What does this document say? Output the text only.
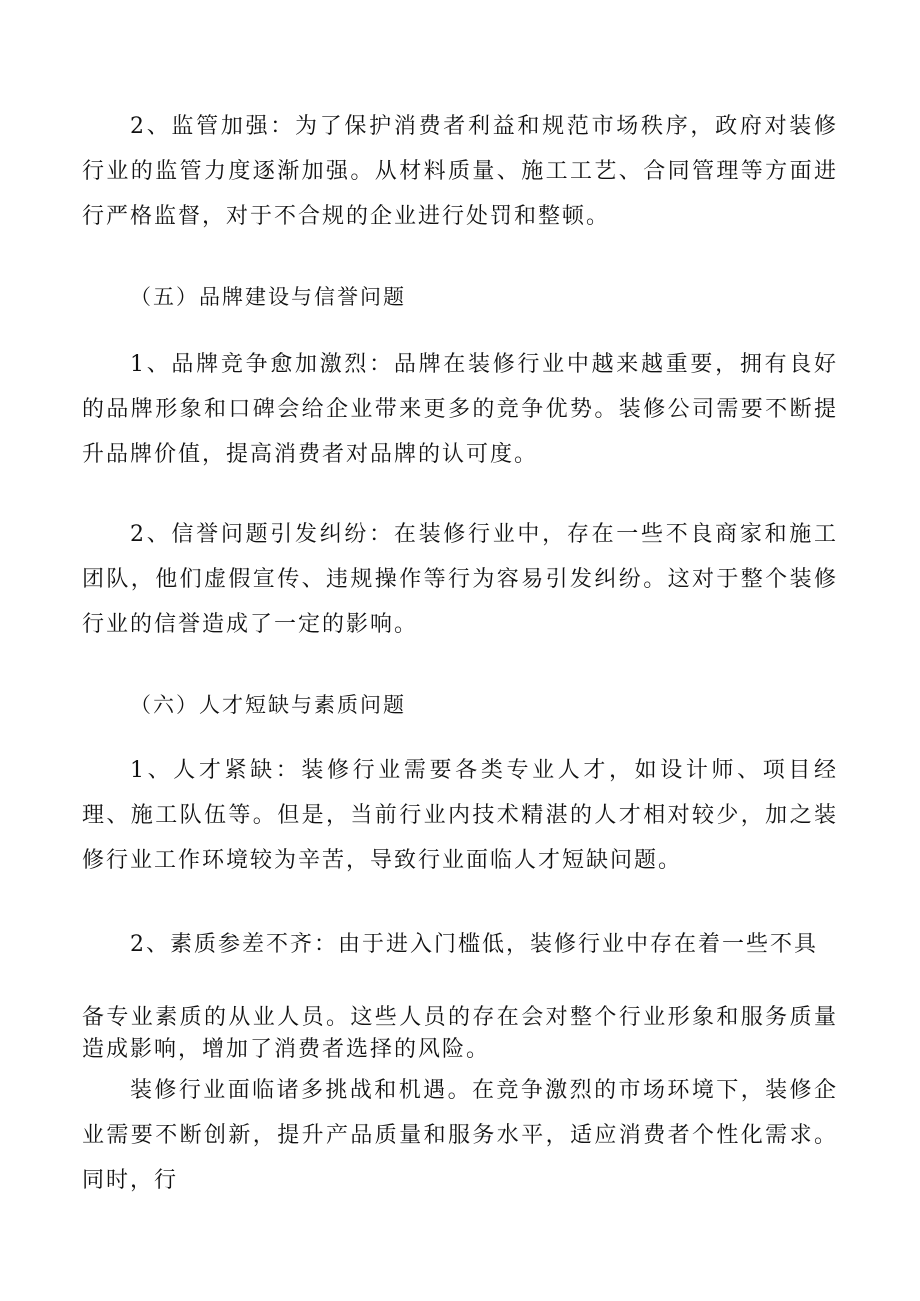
2、监管加强：为了保护消费者利益和规范市场秩序，政府对装修行业的监管力度逐渐加强。从材料质量、施工工艺、合同管理等方面进行严格监督，对于不合规的企业进行处罚和整顿。

（五）品牌建设与信誉问题

1、品牌竞争愈加激烈：品牌在装修行业中越来越重要，拥有良好的品牌形象和口碑会给企业带来更多的竞争优势。装修公司需要不断提升品牌价值，提高消费者对品牌的认可度。

2、信誉问题引发纠纷：在装修行业中，存在一些不良商家和施工团队，他们虚假宣传、违规操作等行为容易引发纠纷。这对于整个装修行业的信誉造成了一定的影响。

（六）人才短缺与素质问题

1、人才紧缺：装修行业需要各类专业人才，如设计师、项目经理、施工队伍等。但是，当前行业内技术精湛的人才相对较少，加之装修行业工作环境较为辛苦，导致行业面临人才短缺问题。

2、素质参差不齐：由于进入门槛低，装修行业中存在着一些不具

备专业素质的从业人员。这些人员的存在会对整个行业形象和服务质量造成影响，增加了消费者选择的风险。

装修行业面临诸多挑战和机遇。在竞争激烈的市场环境下，装修企业需要不断创新，提升产品质量和服务水平，适应消费者个性化需求。同时，行
